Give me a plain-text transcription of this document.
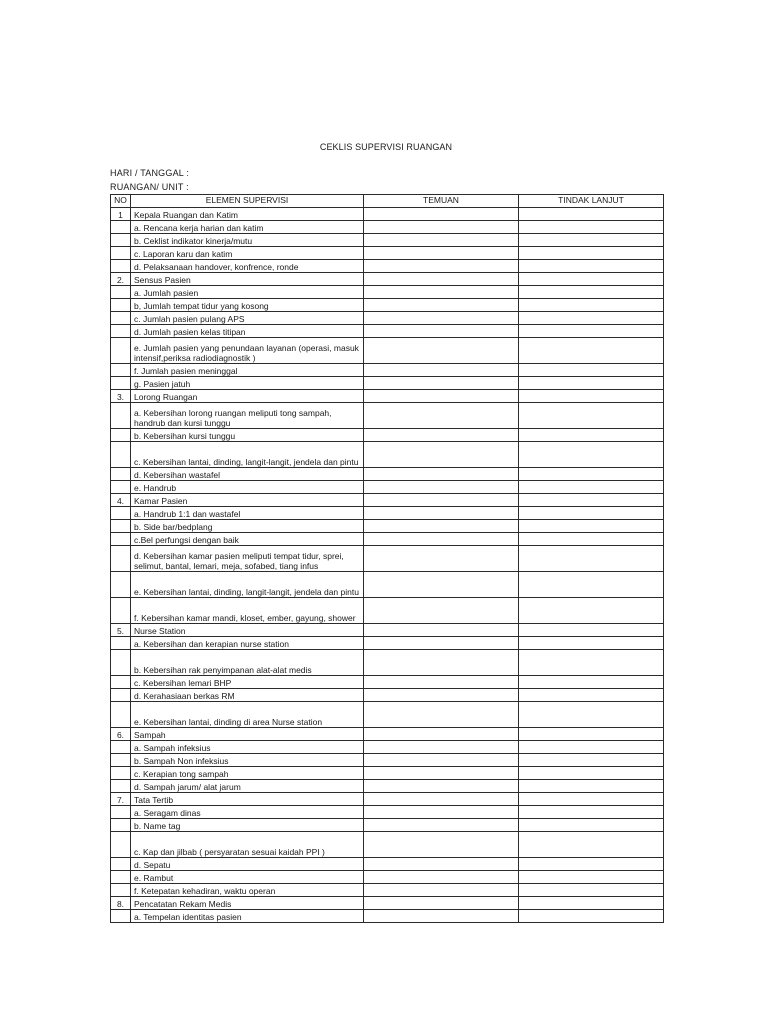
CEKLIS SUPERVISI RUANGAN
HARI / TANGGAL :
RUANGAN/ UNIT :
NO	ELEMEN SUPERVISI	TEMUAN	TINDAK LANJUT
1	Kepala Ruangan dan Katim		
	a. Rencana kerja harian dan katim		
	b. Ceklist indikator kinerja/mutu		
	c. Laporan karu dan katim		
	d. Pelaksanaan handover, konfrence, ronde		
2.	Sensus Pasien		
	a. Jumlah pasien		
	b, Jumlah tempat tidur yang kosong		
	c. Jumlah pasien pulang APS		
	d. Jumlah pasien kelas titipan		
	e. Jumlah pasien yang penundaan layanan (operasi, masuk intensif,periksa radiodiagnostik )		
	f. Jumlah pasien meninggal		
	g. Pasien jatuh		
3.	Lorong Ruangan		
	a. Kebersihan lorong ruangan meliputi tong sampah, handrub dan kursi tunggu		
	b. Kebersihan kursi tunggu		
	c. Kebersihan lantai, dinding, langit-langit, jendela dan pintu		
	d. Kebersihan wastafel		
	e. Handrub		
4.	Kamar Pasien		
	a. Handrub 1:1 dan wastafel		
	b. Side bar/bedplang		
	c.Bel perfungsi dengan baik		
	d. Kebersihan kamar pasien meliputi tempat tidur, sprei, selimut, bantal, lemari, meja, sofabed, tiang infus		
	e. Kebersihan lantai, dinding, langit-langit, jendela dan pintu		
	f. Kebersihan kamar mandi, kloset, ember, gayung, shower		
5.	Nurse Station		
	a. Kebersihan dan kerapian nurse station		
	b. Kebersihan rak penyimpanan alat-alat medis		
	c. Kebersihan lemari BHP		
	d. Kerahasiaan berkas RM		
	e. Kebersihan lantai, dinding di area Nurse station		
6.	Sampah		
	a. Sampah infeksius		
	b. Sampah Non infeksius		
	c. Kerapian tong sampah		
	d. Sampah jarum/ alat jarum		
7.	Tata Tertib		
	a. Seragam dinas		
	b. Name tag		
	c. Kap dan jilbab ( persyaratan sesuai kaidah PPI )		
	d. Sepatu		
	e. Rambut		
	f. Ketepatan kehadiran, waktu operan		
8.	Pencatatan Rekam Medis		
	a. Tempelan identitas pasien		
